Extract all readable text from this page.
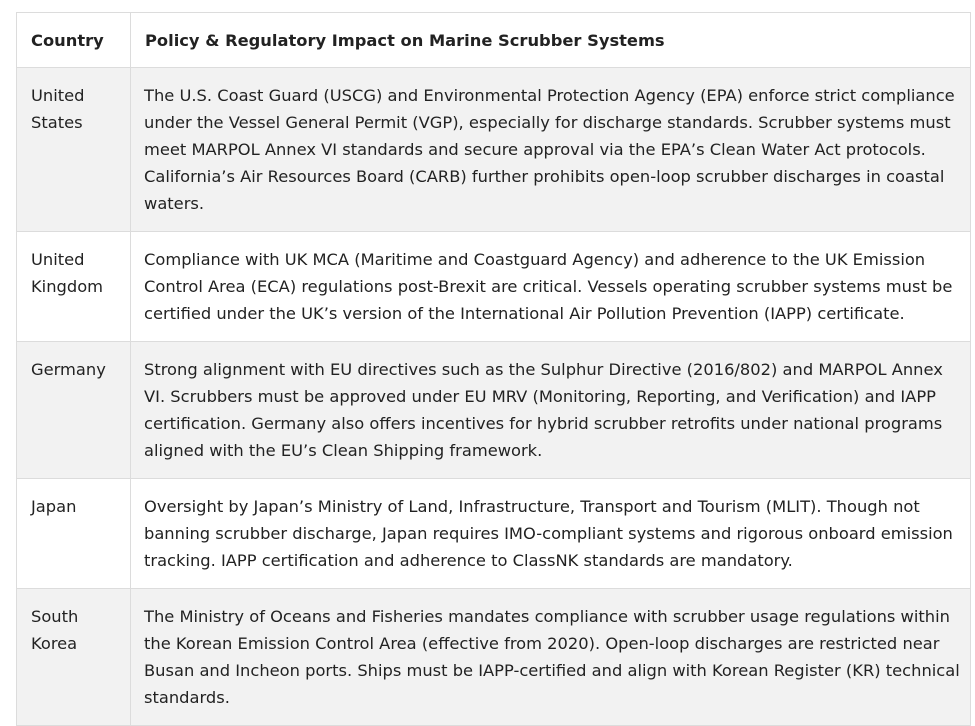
Country	Policy & Regulatory Impact on Marine Scrubber Systems
United States	The U.S. Coast Guard (USCG) and Environmental Protection Agency (EPA) enforce strict compliance under the Vessel General Permit (VGP), especially for discharge standards. Scrubber systems must meet MARPOL Annex VI standards and secure approval via the EPA’s Clean Water Act protocols. California’s Air Resources Board (CARB) further prohibits open-loop scrubber discharges in coastal waters.
United Kingdom	Compliance with UK MCA (Maritime and Coastguard Agency) and adherence to the UK Emission Control Area (ECA) regulations post-Brexit are critical. Vessels operating scrubber systems must be certified under the UK’s version of the International Air Pollution Prevention (IAPP) certificate.
Germany	Strong alignment with EU directives such as the Sulphur Directive (2016/802) and MARPOL Annex VI. Scrubbers must be approved under EU MRV (Monitoring, Reporting, and Verification) and IAPP certification. Germany also offers incentives for hybrid scrubber retrofits under national programs aligned with the EU’s Clean Shipping framework.
Japan	Oversight by Japan’s Ministry of Land, Infrastructure, Transport and Tourism (MLIT). Though not banning scrubber discharge, Japan requires IMO-compliant systems and rigorous onboard emission tracking. IAPP certification and adherence to ClassNK standards are mandatory.
South Korea	The Ministry of Oceans and Fisheries mandates compliance with scrubber usage regulations within the Korean Emission Control Area (effective from 2020). Open-loop discharges are restricted near Busan and Incheon ports. Ships must be IAPP-certified and align with Korean Register (KR) technical standards.
